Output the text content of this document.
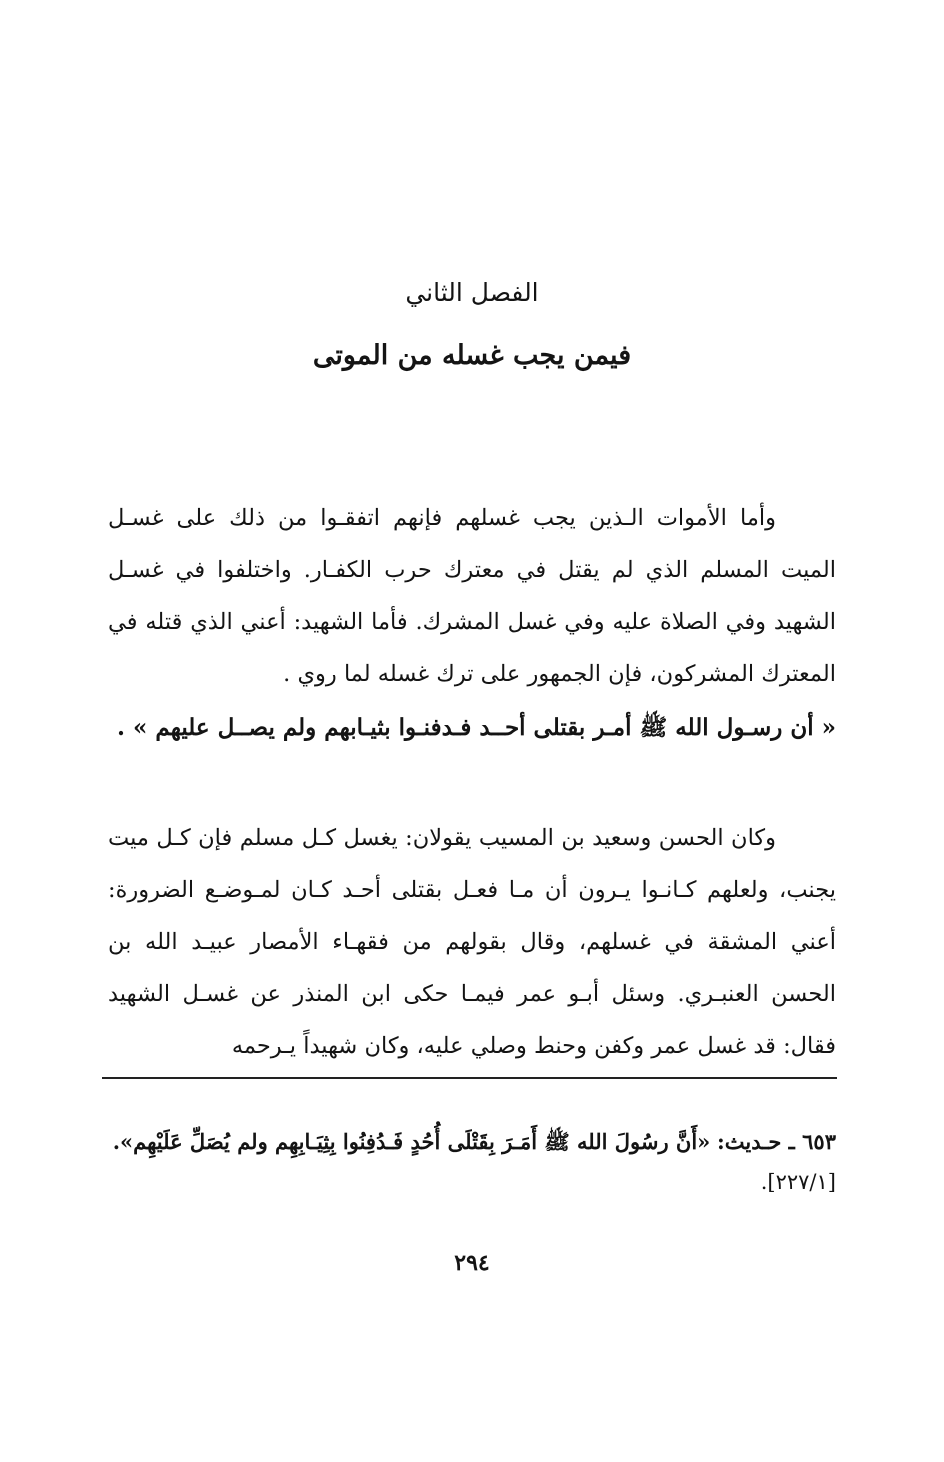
الفصل الثاني
فيمن يجب غسله من الموتى

وأما الأموات الـذين يجب غسلهم فإنهم اتفقـوا من ذلك على غسـل الميت المسلم الذي لم يقتل في معترك حرب الكفـار. واختلفوا في غسـل الشهيد وفي الصلاة عليه وفي غسل المشرك. فأما الشهيد: أعني الذي قتله في المعترك المشركون، فإن الجمهور على ترك غسله لما روي .

« أن رسـول الله ﷺ أمـر بقتلى أحــد فـدفنـوا بثيـابهم ولم يصــل عليهم » .

وكان الحسن وسعيد بن المسيب يقولان: يغسل كـل مسلم فإن كـل ميت يجنب، ولعلهم كـانـوا يـرون أن مـا فعـل بقتلى أحـد كـان لمـوضـع الضرورة: أعني المشقة في غسلهم، وقال بقولهم من فقهـاء الأمصار عبيـد الله بن الحسن العنبـري. وسئل أبـو عمر فيمـا حكى ابن المنذر عن غسـل الشهيد فقال: قد غسل عمر وكفن وحنط وصلي عليه، وكان شهيداً يـرحمه

٦٥٣ ـ حـديث: «أَنَّ رسُولَ الله ﷺ أَمَـرَ بِقَتْلَى أُحُدٍ فَـدُفِنُوا بِثِيَـابِهِم ولم يُصَلِّ عَلَيْهِم».
[٢٢٧/١].
٢٩٤
